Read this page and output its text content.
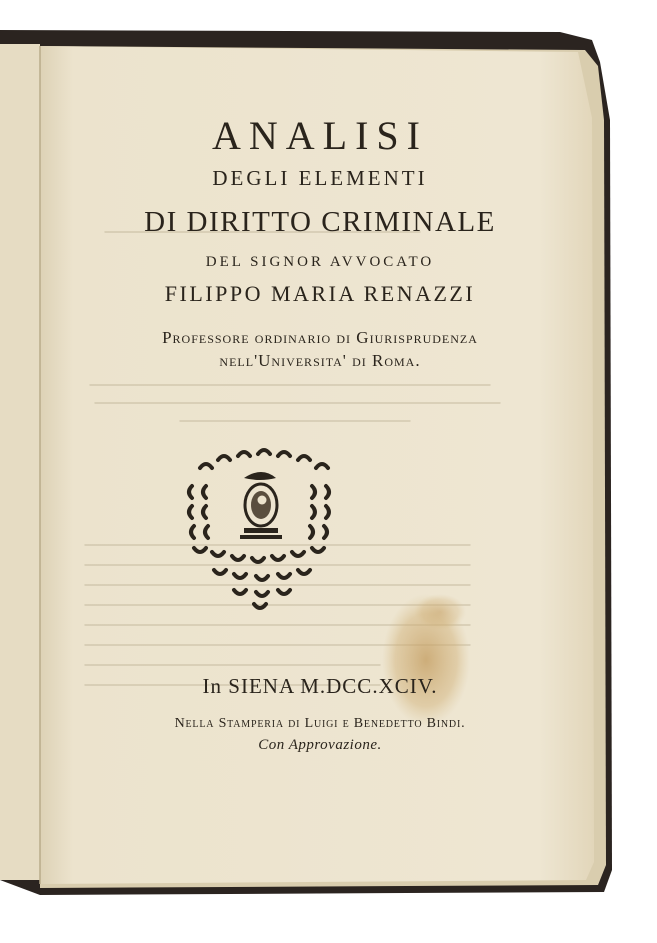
ANALISI
DEGLI ELEMENTI
DI DIRITTO CRIMINALE
DEL SIGNOR AVVOCATO
FILIPPO MARIA RENAZZI
Professore ordinario di Giurisprudenza
nell'Universita' di Roma.
In SIENA M.DCC.XCIV.
Nella Stamperia di Luigi e Benedetto Bindi.
Con Approvazione.
